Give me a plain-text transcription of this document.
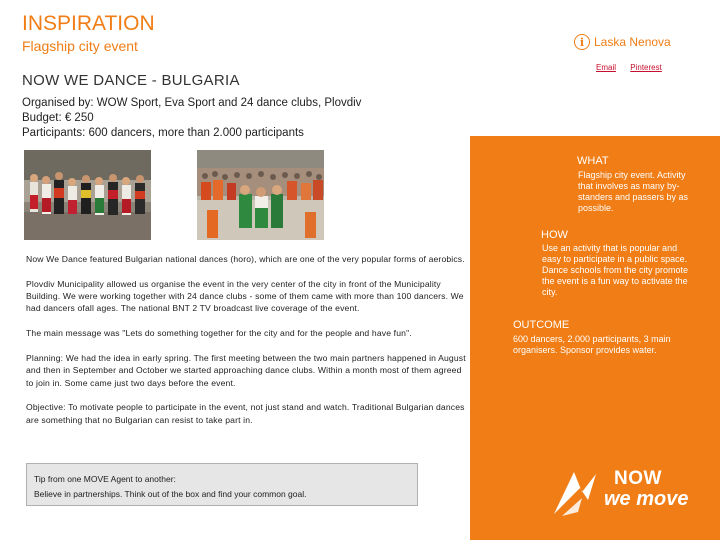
INSPIRATION
Flagship city event	i Laska Nenova
Email Pinterest
NOW WE DANCE - BULGARIA
Organised by: WOW Sport, Eva Sport and 24 dance clubs, Plovdiv
Budget: € 250
Participants: 600 dancers, more than 2.000 participants
WHAT
Flagship city event. Activity that involves as many by-standers and passers by as possible.
HOW
Use an activity that is popular and easy to participate in a public space. Dance schools from the city promote the event is a fun way to activate the city.
OUTCOME
600 dancers, 2.000 participants, 3 main organisers. Sponsor provides water.

Now We Dance featured Bulgarian national dances (horo), which are one of the very popular forms of aerobics.

Plovdiv Municipality allowed us organise the event in the very center of the city in front of the Municipality Building. We were working together with 24 dance clubs - some of them came with more than 100 dancers. We had dancers ofall ages. The national BNT 2 TV broadcast live coverage of the event.

The main message was "Lets do something together for the city and for the people and have fun".

Planning: We had the idea in early spring. The first meeting between the two main partners happened in August and then in September and October we started approaching dance clubs. Within a month most of them agreed to join in. Some came just two days before the event.

Objective: To motivate people to participate in the event, not just stand and watch. Traditional Bulgarian dances are something that no Bulgarian can resist to take part in.

Tip from one MOVE Agent to another:
Believe in partnerships. Think out of the box and find your common goal.
NOW
we move
